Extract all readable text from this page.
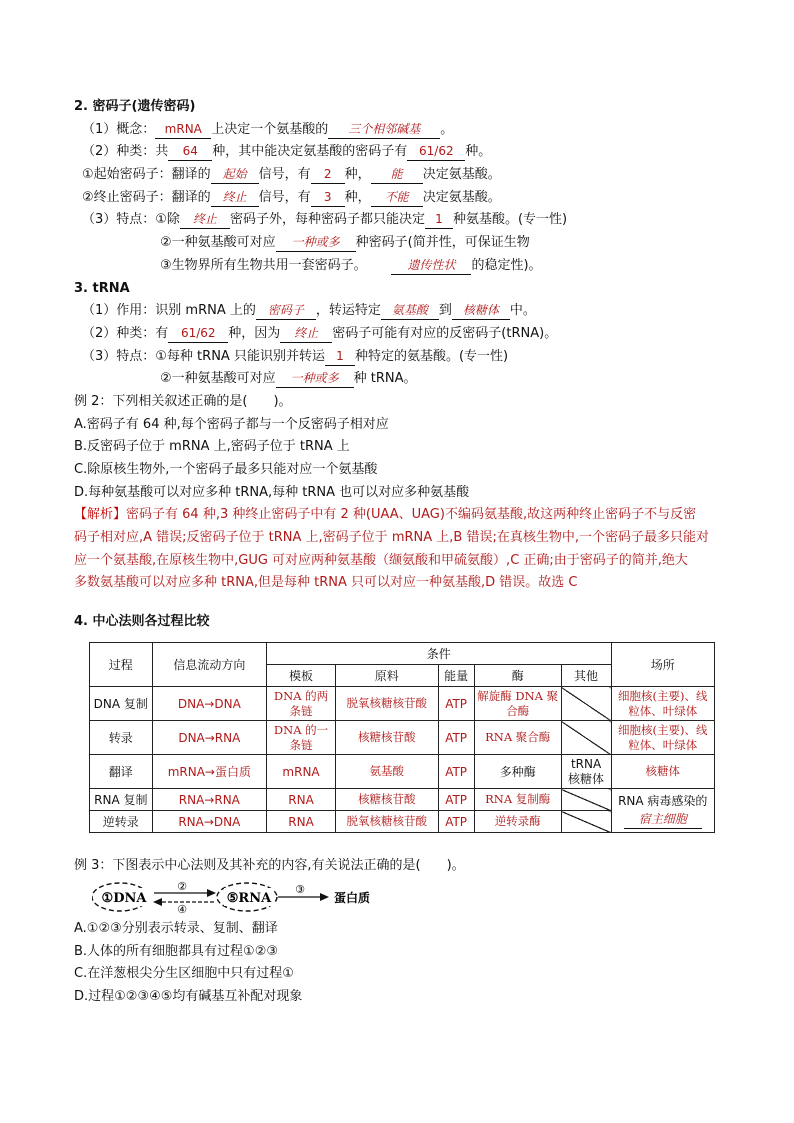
2. 密码子(遗传密码)
（1）概念： mRNA 上决定一个氨基酸的 三个相邻碱基 。
（2）种类：共 64 种，其中能决定氨基酸的密码子有 61/62 种。
①起始密码子：翻译的 起始 信号，有 2 种， 能 决定氨基酸。
②终止密码子：翻译的 终止 信号，有 3 种， 不能 决定氨基酸。
（3）特点：①除 终止 密码子外，每种密码子都只能决定 1 种氨基酸。(专一性)
②一种氨基酸可对应 一种或多 种密码子(简并性，可保证生物
③生物界所有生物共用一套密码子。	遗传性状 的稳定性)。
3. tRNA
（1）作用：识别 mRNA 上的 密码子 ，转运特定 氨基酸 到 核糖体 中。
（2）种类：有 61/62 种，因为 终止 密码子可能有对应的反密码子(tRNA)。
（3）特点：①每种 tRNA 只能识别并转运 1 种特定的氨基酸。(专一性)
②一种氨基酸可对应 一种或多 种 tRNA。
例 2：下列相关叙述正确的是(　　)。
A.密码子有 64 种,每个密码子都与一个反密码子相对应
B.反密码子位于 mRNA 上,密码子位于 tRNA 上
C.除原核生物外,一个密码子最多只能对应一个氨基酸
D.每种氨基酸可以对应多种 tRNA,每种 tRNA 也可以对应多种氨基酸
【解析】密码子有 64 种,3 种终止密码子中有 2 种(UAA、UAG)不编码氨基酸,故这两种终止密码子不与反密
码子相对应,A 错误;反密码子位于 tRNA 上,密码子位于 mRNA 上,B 错误;在真核生物中,一个密码子最多只能对
应一个氨基酸,在原核生物中,GUG 可对应两种氨基酸（缬氨酸和甲硫氨酸）,C 正确;由于密码子的简并,绝大
多数氨基酸可以对应多种 tRNA,但是每种 tRNA 只可以对应一种氨基酸,D 错误。故选 C
4. 中心法则各过程比较
过程	信息流动方向	条件					场所
		模板	原料	能量	酶	其他	
DNA 复制	DNA→DNA	DNA 的两条链	脱氧核糖核苷酸	ATP	解旋酶 DNA 聚合酶		细胞核(主要)、线粒体、叶绿体
转录	DNA→RNA	DNA 的一条链	核糖核苷酸	ATP	RNA 聚合酶		细胞核(主要)、线粒体、叶绿体
翻译	mRNA→蛋白质	mRNA	氨基酸	ATP	多种酶	tRNA 核糖体	核糖体
RNA 复制	RNA→RNA	RNA	核糖核苷酸	ATP	RNA 复制酶		RNA 病毒感染的
宿主细胞
逆转录	RNA→DNA	RNA	脱氧核糖核苷酸	ATP	逆转录酶		
例 3：下图表示中心法则及其补充的内容,有关说法正确的是(　　)。
①DNA
②
④
⑤RNA
③
蛋白质
A.①②③分别表示转录、复制、翻译
B.人体的所有细胞都具有过程①②③
C.在洋葱根尖分生区细胞中只有过程①
D.过程①②③④⑤均有碱基互补配对现象
